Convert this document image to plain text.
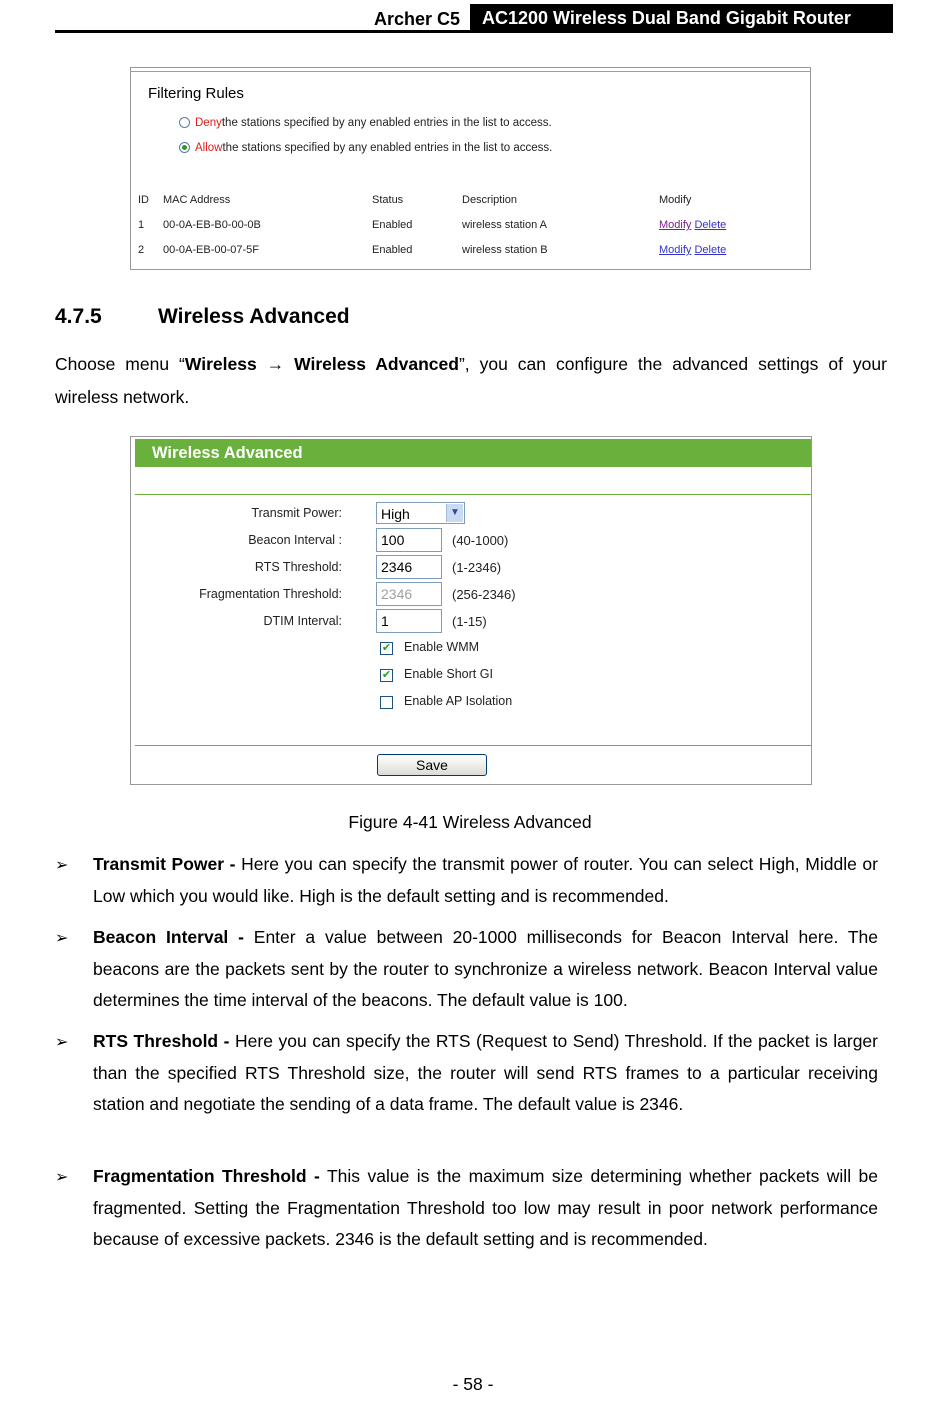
Archer C5	AC1200 Wireless Dual Band Gigabit Router
Filtering Rules
Denythe stations specified by any enabled entries in the list to access.
Allowthe stations specified by any enabled entries in the list to access.
ID MAC Address	Status	Description	Modify
1 00-0A-EB-B0-00-0B	Enabled	wireless station A	Modify Delete
2 00-0A-EB-00-07-5F	Enabled	wireless station B	Modify Delete
4.7.5	Wireless Advanced
Choose menu “Wireless → Wireless Advanced”, you can configure the advanced settings of your wireless network.
Wireless Advanced
Transmit Power:	High	▼
Beacon Interval :	100	(40-1000)
RTS Threshold:	2346	(1-2346)
Fragmentation Threshold:	2346	(256-2346)
DTIM Interval:	1	(1-15)
✔ Enable WMM
✔ Enable Short GI
Enable AP Isolation
Save
Figure 4-41 Wireless Advanced
➢ Transmit Power - Here you can specify the transmit power of router. You can select High, Middle or Low which you would like. High is the default setting and is recommended.
➢ Beacon Interval - Enter a value between 20-1000 milliseconds for Beacon Interval here. The beacons are the packets sent by the router to synchronize a wireless network. Beacon Interval value determines the time interval of the beacons. The default value is 100.
➢ RTS Threshold - Here you can specify the RTS (Request to Send) Threshold. If the packet is larger than the specified RTS Threshold size, the router will send RTS frames to a particular receiving station and negotiate the sending of a data frame. The default value is 2346.
➢ Fragmentation Threshold - This value is the maximum size determining whether packets will be fragmented. Setting the Fragmentation Threshold too low may result in poor network performance because of excessive packets. 2346 is the default setting and is recommended.
- 58 -
